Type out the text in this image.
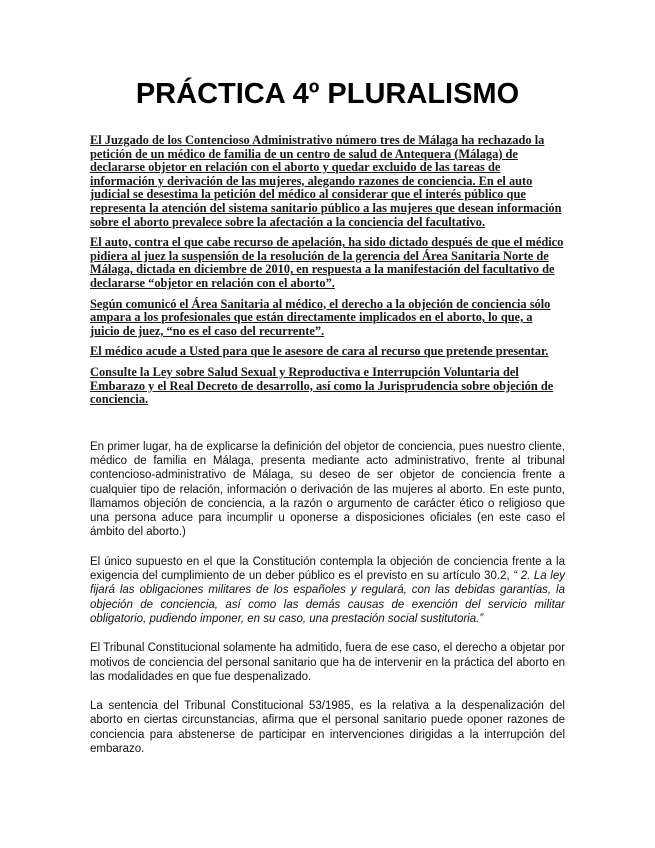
PRÁCTICA 4º PLURALISMO

El Juzgado de los Contencioso Administrativo número tres de Málaga ha rechazado la petición de un médico de familia de un centro de salud de Antequera (Málaga) de declararse objetor en relación con el aborto y quedar excluido de las tareas de información y derivación de las mujeres, alegando razones de conciencia. En el auto judicial se desestima la petición del médico al considerar que el interés público que representa la atención del sistema sanitario público a las mujeres que desean información sobre el aborto prevalece sobre la afectación a la conciencia del facultativo.

El auto, contra el que cabe recurso de apelación, ha sido dictado después de que el médico pidiera al juez la suspensión de la resolución de la gerencia del Área Sanitaria Norte de Málaga, dictada en diciembre de 2010, en respuesta a la manifestación del facultativo de declararse “objetor en relación con el aborto”.

Según comunicó el Área Sanitaria al médico, el derecho a la objeción de conciencia sólo ampara a los profesionales que están directamente implicados en el aborto, lo que, a juicio de juez, “no es el caso del recurrente”.

El médico acude a Usted para que le asesore de cara al recurso que pretende presentar.

Consulte la Ley sobre Salud Sexual y Reproductiva e Interrupción Voluntaria del Embarazo y el Real Decreto de desarrollo, así como la Jurisprudencia sobre objeción de conciencia.

En primer lugar, ha de explicarse la definición del objetor de conciencia, pues nuestro cliente, médico de familia en Málaga, presenta mediante acto administrativo, frente al tribunal contencioso-administrativo de Málaga, su deseo de ser objetor de conciencia frente a cualquier tipo de relación, información o derivación de las mujeres al aborto. En este punto, llamamos objeción de conciencia, a la razón o argumento de carácter ético o religioso que una persona aduce para incumplir u oponerse a disposiciones oficiales (en este caso el ámbito del aborto.)

El único supuesto en el que la Constitución contempla la objeción de conciencia frente a la exigencia del cumplimiento de un deber público es el previsto en su artículo 30.2, “ 2. La ley fijará las obligaciones militares de los españoles y regulará, con las debidas garantías, la objeción de conciencia, así como las demás causas de exención del servicio militar obligatorio, pudiendo imponer, en su caso, una prestación social sustitutoria.”

El Tribunal Constitucional solamente ha admitido, fuera de ese caso, el derecho a objetar por motivos de conciencia del personal sanitario que ha de intervenir en la práctica del aborto en las modalidades en que fue despenalizado.

La sentencia del Tribunal Constitucional 53/1985, es la relativa a la despenalización del aborto en ciertas circunstancias, afirma que el personal sanitario puede oponer razones de conciencia para abstenerse de participar en intervenciones dirigidas a la interrupción del embarazo.
